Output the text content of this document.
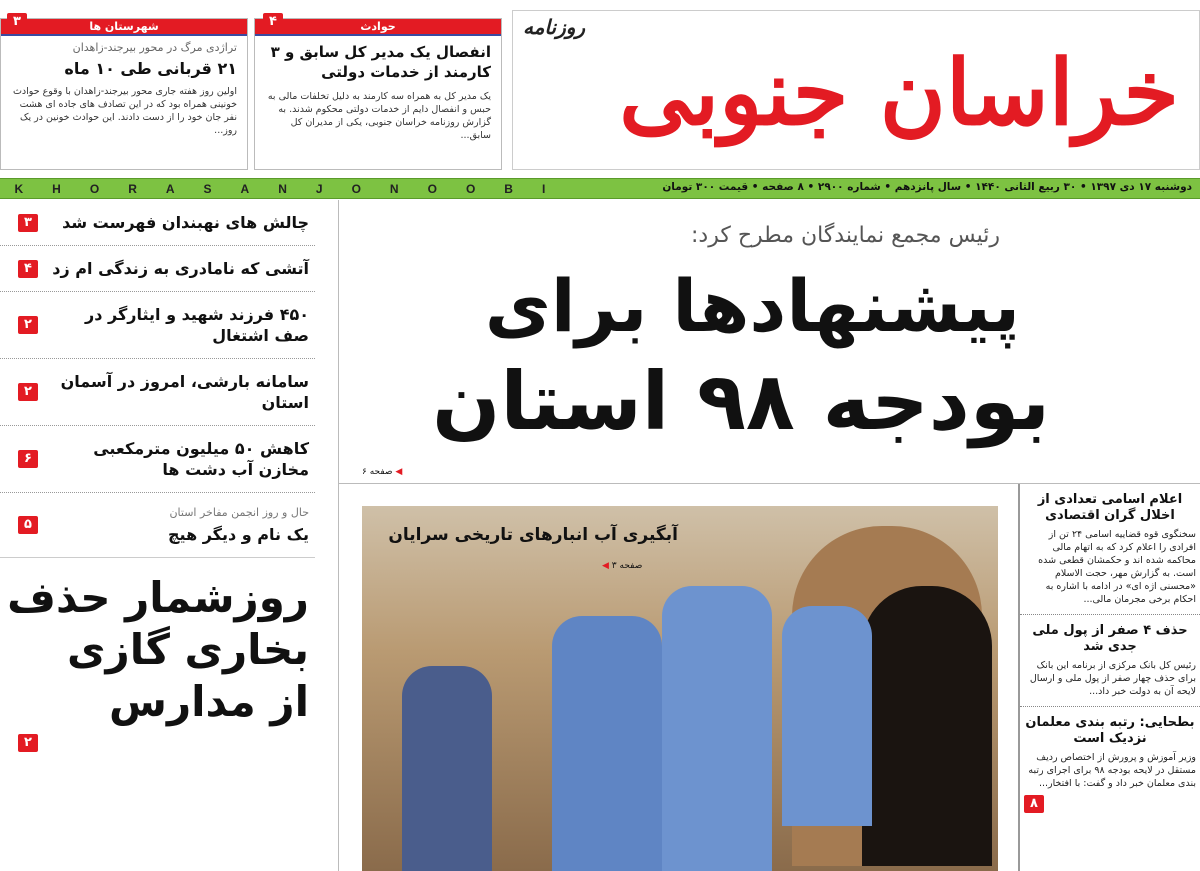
شهرستان ها
۳
تراژدی مرگ در محور بیرجند-زاهدان
۲۱ قربانی طی ۱۰ ماه
اولین روز هفته جاری محور بیرجند-زاهدان با وقوع حوادث خونینی همراه بود که در این تصادف های جاده ای هشت نفر جان خود را از دست دادند. این حوادث خونین در یک روز...
حوادث
۴
انفصال یک مدیر کل سابق و ۳ کارمند از خدمات دولتی
یک مدیر کل به همراه سه کارمند به دلیل تخلفات مالی به حبس و انفصال دایم از خدمات دولتی محکوم شدند. به گزارش روزنامه خراسان جنوبی، یکی از مدیران کل سابق... خراسان جنوبی
روزنامه
K H O R A S A N J O N O O B I	دوشنبه ۱۷ دی ۱۳۹۷ • ۳۰ ربیع الثانی ۱۴۴۰ • سال پانزدهم • شماره ۲۹۰۰ • ۸ صفحه • قیمت ۳۰۰ تومان
رئیس مجمع نمایندگان مطرح کرد:
پیشنهادها برای
بودجه ۹۸ استان
◀ صفحه ۶
چالش های نهبندان فهرست شد
۳
آتشی که نامادری به زندگی ام زد
۴
۴۵۰ فرزند شهید و ایثارگر در صف اشتغال
۲
سامانه بارشی، امروز در آسمان استان
۲
کاهش ۵۰ میلیون مترمکعبی مخازن آب دشت ها
۶
حال و روز انجمن مفاخر استان
یک نام و دیگر هیچ
۵
روزشمار حذف
بخاری گازی
از مدارس
۲
آبگیری آب انبارهای تاریخی سرایان
◀ صفحه ۳
اعلام اسامی تعدادی از اخلال گران اقتصادی

سخنگوی قوه قضاییه اسامی ۲۴ تن از افرادی را اعلام کرد که به اتهام مالی محاکمه شده اند و حکمشان قطعی شده است. به گزارش مهر، حجت الاسلام «محسنی اژه ای» در ادامه با اشاره به احکام برخی مجرمان مالی...

حذف ۴ صفر از پول ملی جدی شد

رئیس کل بانک مرکزی از برنامه این بانک برای حذف چهار صفر از پول ملی و ارسال لایحه آن به دولت خبر داد...

بطحایی: رتبه بندی معلمان نزدیک است

وزیر آموزش و پرورش از اختصاص ردیف مستقل در لایحه بودجه ۹۸ برای اجرای رتبه بندی معلمان خبر داد و گفت: با افتخار...

۸
